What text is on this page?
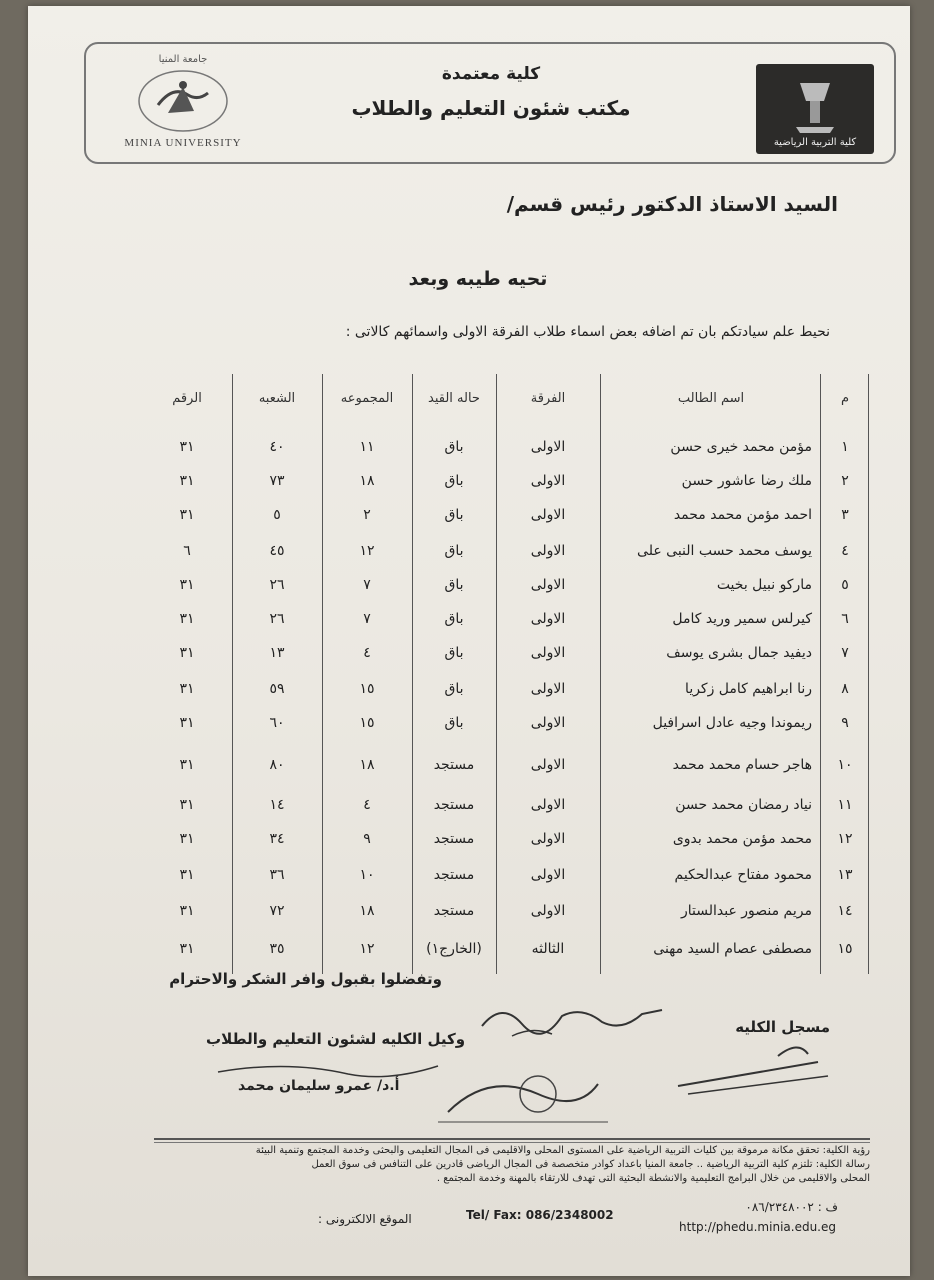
جامعة المنيا
MINIA UNIVERSITY
كلية معتمدة
مكتب شئون التعليم والطلاب
كلية التربية الرياضية
السيد الاستاذ الدكتور رئيس قسم/
تحيه طيبه وبعد
نحيط علم سيادتكم بان تم اضافه بعض اسماء طلاب الفرقة الاولى واسمائهم كالاتى :
م
اسم الطالب
الفرقة
حاله القيد
المجموعه
الشعبه
الرقم
١
مؤمن محمد خيرى حسن
الاولى
باق
١١
٤٠
٣١
٢
ملك رضا عاشور حسن
الاولى
باق
١٨
٧٣
٣١
٣
احمد مؤمن محمد محمد
الاولى
باق
٢
٥
٣١
٤
يوسف محمد حسب النبى على
الاولى
باق
١٢
٤٥
٦
٥
ماركو نبيل بخيت
الاولى
باق
٧
٢٦
٣١
٦
كيرلس سمير وريد كامل
الاولى
باق
٧
٢٦
٣١
٧
ديفيد جمال بشرى يوسف
الاولى
باق
٤
١٣
٣١
٨
رنا ابراهيم كامل زكريا
الاولى
باق
١٥
٥٩
٣١
٩
ريموندا وجيه عادل اسرافيل
الاولى
باق
١٥
٦٠
٣١
١٠
هاجر حسام محمد محمد
الاولى
مستجد
١٨
٨٠
٣١
١١
نياد رمضان محمد حسن
الاولى
مستجد
٤
١٤
٣١
١٢
محمد مؤمن محمد بدوى
الاولى
مستجد
٩
٣٤
٣١
١٣
محمود مفتاح عبدالحكيم
الاولى
مستجد
١٠
٣٦
٣١
١٤
مريم منصور عبدالستار
الاولى
مستجد
١٨
٧٢
٣١
١٥
مصطفى عصام السيد مهنى
الثالثه
(الخارج١)
١٢
٣٥
٣١
وتفضلوا بقبول وافر الشكر والاحترام
مسجل الكليه
وكيل الكليه لشئون التعليم والطلاب
أ.د/ عمرو سليمان محمد
رؤية الكلية: تحقق مكانة مرموقة بين كليات التربية الرياضية على المستوى المحلى والاقليمى فى المجال التعليمى والبحثى وخدمة المجتمع وتنمية البيئة
رسالة الكلية: تلتزم كلية التربية الرياضية .. جامعة المنيا باعداد كوادر متخصصة فى المجال الرياضى قادرين على التنافس فى سوق العمل
المحلى والاقليمى من خلال البرامج التعليمية والانشطة البحثية التى تهدف للارتقاء بالمهنة وخدمة المجتمع .
ف : ٠٨٦/٢٣٤٨٠٠٢
Tel/ Fax: 086/2348002
الموقع الالكترونى :
http://phedu.minia.edu.eg
